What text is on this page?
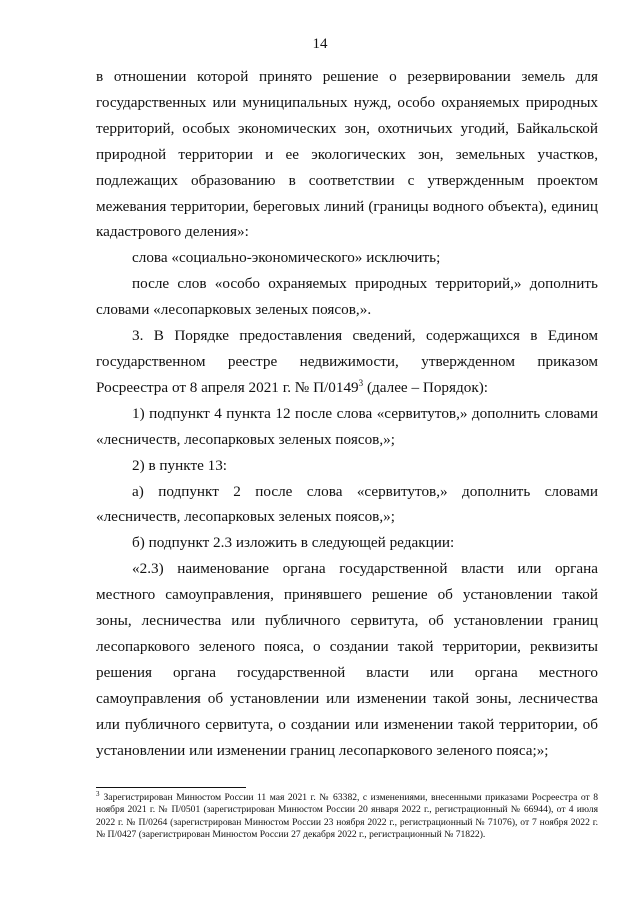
14

в отношении которой принято решение о резервировании земель для государственных или муниципальных нужд, особо охраняемых природных территорий, особых экономических зон, охотничьих угодий, Байкальской природной территории и ее экологических зон, земельных участков, подлежащих образованию в соответствии с утвержденным проектом межевания территории, береговых линий (границы водного объекта), единиц кадастрового деления»:

слова «социально-экономического» исключить;

после слов «особо охраняемых природных территорий,» дополнить словами «лесопарковых зеленых поясов,».

3. В Порядке предоставления сведений, содержащихся в Едином государственном реестре недвижимости, утвержденном приказом Росреестра от 8 апреля 2021 г. № П/0149$^3$ (далее – Порядок):

1) подпункт 4 пункта 12 после слова «сервитутов,» дополнить словами «лесничеств, лесопарковых зеленых поясов,»;

2) в пункте 13:

а) подпункт 2 после слова «сервитутов,» дополнить словами «лесничеств, лесопарковых зеленых поясов,»;

б) подпункт 2.3 изложить в следующей редакции:

«2.3) наименование органа государственной власти или органа местного самоуправления, принявшего решение об установлении такой зоны, лесничества или публичного сервитута, об установлении границ лесопаркового зеленого пояса, о создании такой территории, реквизиты решения органа государственной власти или органа местного самоуправления об установлении или изменении такой зоны, лесничества или публичного сервитута, о создании или изменении такой территории, об установлении или изменении границ лесопаркового зеленого пояса;»;

$^3$ Зарегистрирован Минюстом России 11 мая 2021 г. № 63382, с изменениями, внесенными приказами Росреестра от 8 ноября 2021 г. № П/0501 (зарегистрирован Минюстом России 20 января 2022 г., регистрационный № 66944), от 4 июля 2022 г. № П/0264 (зарегистрирован Минюстом России 23 ноября 2022 г., регистрационный № 71076), от 7 ноября 2022 г. № П/0427 (зарегистрирован Минюстом России 27 декабря 2022 г., регистрационный № 71822).
